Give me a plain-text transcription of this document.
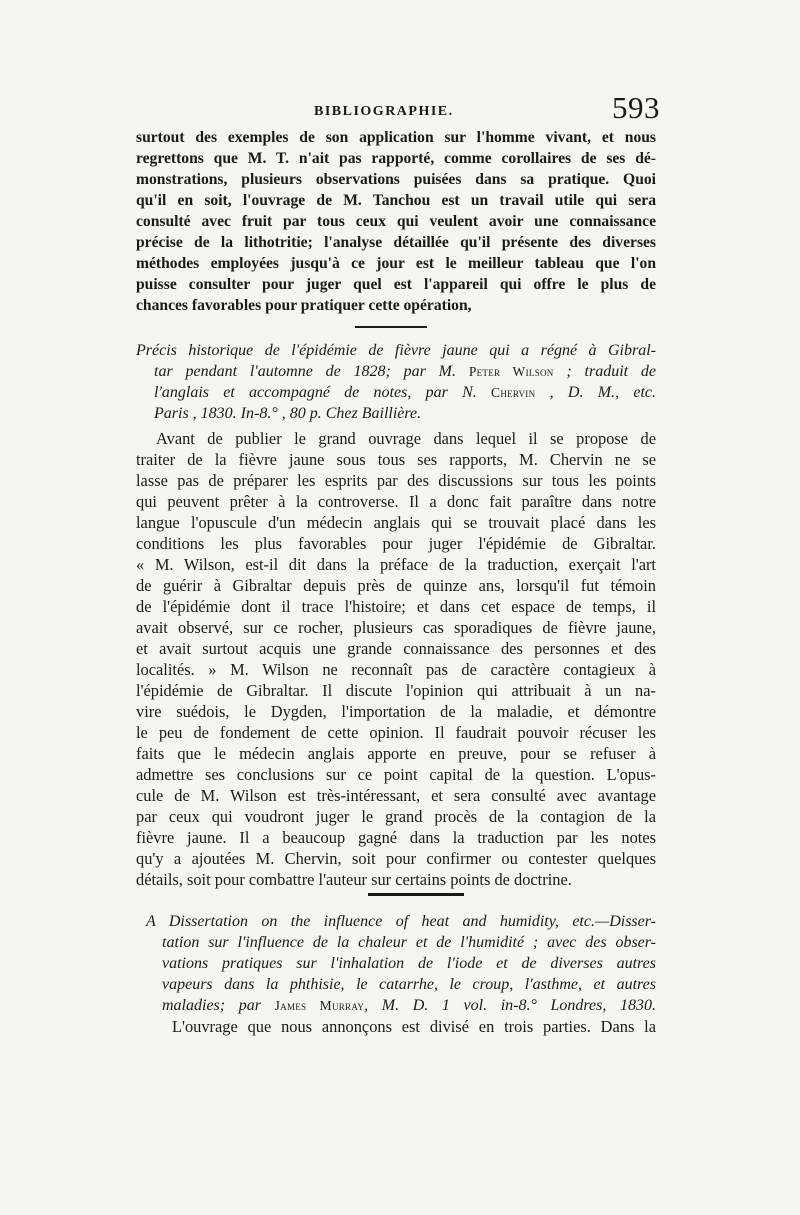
BIBLIOGRAPHIE.	593
surtout des exemples de son application sur l'homme vivant, et nous
regrettons que M. T. n'ait pas rapporté, comme corollaires de ses dé-
monstrations, plusieurs observations puisées dans sa pratique. Quoi
qu'il en soit, l'ouvrage de M. Tanchou est un travail utile qui sera
consulté avec fruit par tous ceux qui veulent avoir une connaissance
précise de la lithotritie; l'analyse détaillée qu'il présente des diverses
méthodes employées jusqu'à ce jour est le meilleur tableau que l'on
puisse consulter pour juger quel est l'appareil qui offre le plus de
chances favorables pour pratiquer cette opération,
Précis historique de l'épidémie de fièvre jaune qui a régné à Gibral-
tar pendant l'automne de 1828; par M. Peter Wilson ; traduit de
l'anglais et accompagné de notes, par N. Chervin , D. M., etc.
Paris , 1830. In-8.° , 80 p. Chez Baillière.
Avant de publier le grand ouvrage dans lequel il se propose de
traiter de la fièvre jaune sous tous ses rapports, M. Chervin ne se
lasse pas de préparer les esprits par des discussions sur tous les points
qui peuvent prêter à la controverse. Il a donc fait paraître dans notre
langue l'opuscule d'un médecin anglais qui se trouvait placé dans les
conditions les plus favorables pour juger l'épidémie de Gibraltar.
« M. Wilson, est-il dit dans la préface de la traduction, exerçait l'art
de guérir à Gibraltar depuis près de quinze ans, lorsqu'il fut témoin
de l'épidémie dont il trace l'histoire; et dans cet espace de temps, il
avait observé, sur ce rocher, plusieurs cas sporadiques de fièvre jaune,
et avait surtout acquis une grande connaissance des personnes et des
localités. » M. Wilson ne reconnaît pas de caractère contagieux à
l'épidémie de Gibraltar. Il discute l'opinion qui attribuait à un na-
vire suédois, le Dygden, l'importation de la maladie, et démontre
le peu de fondement de cette opinion. Il faudrait pouvoir récuser les
faits que le médecin anglais apporte en preuve, pour se refuser à
admettre ses conclusions sur ce point capital de la question. L'opus-
cule de M. Wilson est très-intéressant, et sera consulté avec avantage
par ceux qui voudront juger le grand procès de la contagion de la
fièvre jaune. Il a beaucoup gagné dans la traduction par les notes
qu'y a ajoutées M. Chervin, soit pour confirmer ou contester quelques
détails, soit pour combattre l'auteur sur certains points de doctrine.
A Dissertation on the influence of heat and humidity, etc.—Disser-
tation sur l'influence de la chaleur et de l'humidité ; avec des obser-
vations pratiques sur l'inhalation de l'iode et de diverses autres
vapeurs dans la phthisie, le catarrhe, le croup, l'asthme, et autres
maladies; par James Murray, M. D. 1 vol. in-8.° Londres, 1830.
L'ouvrage que nous annonçons est divisé en trois parties. Dans la
